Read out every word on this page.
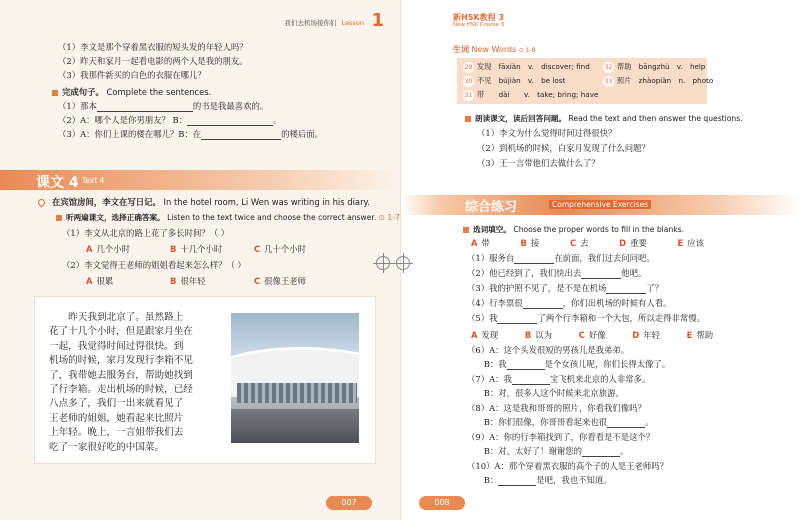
我们去机场接你们 Lesson 1
（1）李文是那个穿着黑衣服的短头发的年轻人吗？
（2）昨天和家月一起看电影的两个人是我的朋友。
（3）我那件新买的白色的衣服在哪儿？
完成句子。 Complete the sentences.
（1）那本	的书是我最喜欢的。
（2）A：哪个人是你男朋友？ B：	。
（3）A：你们上课的楼在哪儿？B：在	的楼后面。
课文 4 Text 4
在宾馆房间，李文在写日记。 In the hotel room, Li Wen was writing in his diary.
听两遍课文，选择正确答案。 Listen to the text twice and choose the correct answer. ⊙ 1-7
（1）李文从北京的路上花了多长时间？（ ）
A 几个小时	B 十几个小时	C 几十个小时
（2）李文觉得王老师的姐姐看起来怎么样？（ ）
A 很累	B 很年轻	C 很像王老师
　　昨天我到北京了。虽然路上
花了十几个小时，但是跟家月坐在
一起，我觉得时间过得很快。到
机场的时候，家月发现行李箱不见
了，我带她去服务台，帮助她找到
了行李箱。走出机场的时候，已经
八点多了，我们一出来就看见了
王老师的姐姐，她看起来比照片
上年轻。晚上，一言姐带我们去
吃了一家很好吃的中国菜。
007
新HSK教程 3
New HSK Course 3
生词 New Words ⊙ 1-8
29 发现　 fāxiàn　 v.　 discover; find 32 帮助　 bāngzhù　 v.　 help
30 不见　 bújiàn　 v.　 be lost	33 照片　 zhàopiàn　 n.　 photo
31 带　　 dài　　 v.　 take; bring; have
朗读课文，读后回答问题。 Read the text and then answer the questions.
（1）李文为什么觉得时间过得很快？
（2）到机场的时候，白家月发现了什么问题？
（3）王一言带他们去做什么了？
综合练习	Comprehensive Exercises
选词填空。 Choose the proper words to fill in the blanks.
A 带	B 接	C 去	D 重要	E 应该
（1）服务台	在前面，我们过去问问吧。
（2）他已经到了，我们快出去	他吧。
（3）我的护照不见了，是不是在机场	了？
（4）行李票很	，你们出机场的时候有人看。
（5）我	了两个行李箱和一个大包，所以走得非常慢。
A 发现	B 以为	C 好像	D 年轻	E 帮助
（6）A：这个头发很短的男孩儿是我弟弟。
　　B：我	是个女孩儿呢，你们长得太像了。
（7）A：我	宝飞机来北京的人非常多。
　　B：对，很多人这个时候来北京旅游。
（8）A：这是我和哥哥的照片，你看我们像吗？
　　B：你们很像，你哥哥看起来也很	。
（9）A：你的行李箱找到了，你看看是不是这个？
　　B：对，太好了！谢谢您的	。
（10）A：那个穿着黑衣服的高个子的人是王老师吗？
　　B：	是吧，我也不知道。
008
